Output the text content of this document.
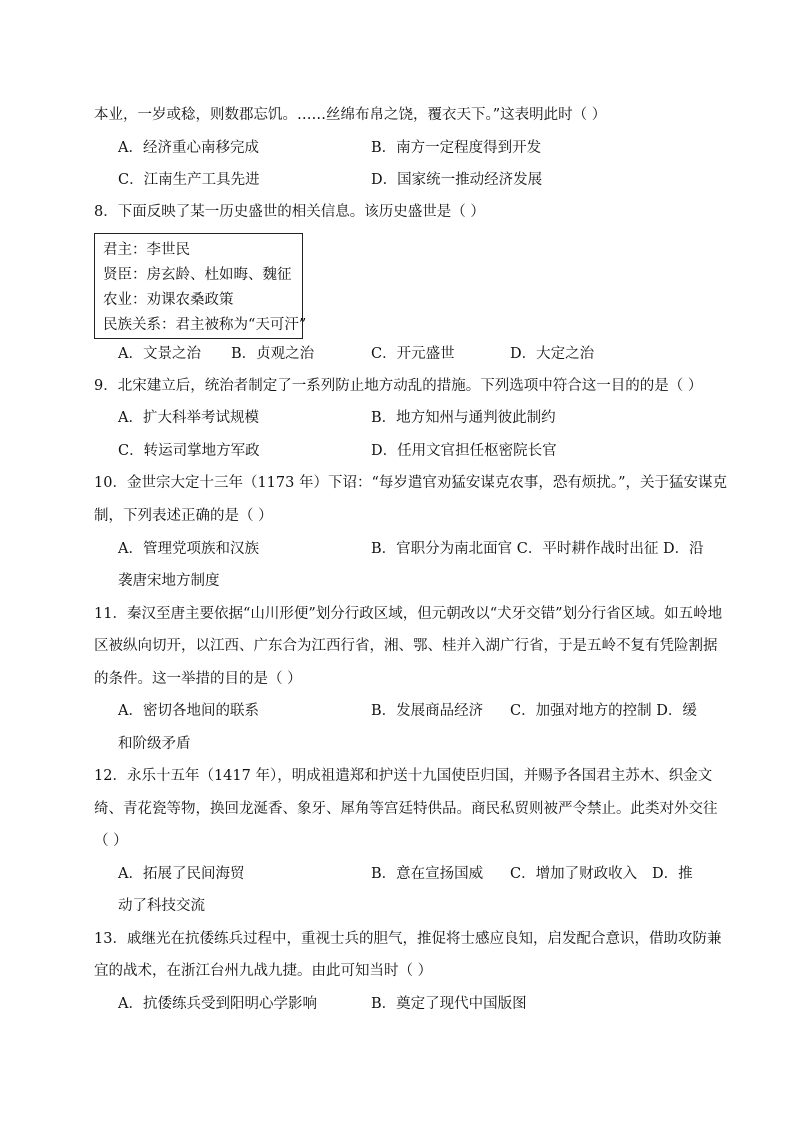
本业，一岁或稔，则数郡忘饥。……丝绵布帛之饶，覆衣天下。”这表明此时（ ）
A．经济重心南移完成	B．南方一定程度得到开发
C．江南生产工具先进	D．国家统一推动经济发展
8．下面反映了某一历史盛世的相关信息。该历史盛世是（ ）
君主：李世民
贤臣：房玄龄、杜如晦、魏征
农业：劝课农桑政策
民族关系：君主被称为“天可汗”
A．文景之治 B．贞观之治	C．开元盛世	D．大定之治
9．北宋建立后，统治者制定了一系列防止地方动乱的措施。下列选项中符合这一目的的是（ ）
A．扩大科举考试规模	B．地方知州与通判彼此制约
C．转运司掌地方军政	D．任用文官担任枢密院长官
10．金世宗大定十三年（1173 年）下诏：“每岁遣官劝猛安谋克农事，恐有烦扰。”，关于猛安谋克
制，下列表述正确的是（ ）
A．管理党项族和汉族	B．官职分为南北面官 C．平时耕作战时出征 D．沿
袭唐宋地方制度
11．秦汉至唐主要依据“山川形便”划分行政区域，但元朝改以“犬牙交错”划分行省区域。如五岭地
区被纵向切开，以江西、广东合为江西行省，湘、鄂、桂并入湖广行省，于是五岭不复有凭险割据
的条件。这一举措的目的是（ ）
A．密切各地间的联系	B．发展商品经济 C．加强对地方的控制 D．缓
和阶级矛盾
12．永乐十五年（1417 年），明成祖遣郑和护送十九国使臣归国，并赐予各国君主苏木、织金文
绮、青花瓷等物，换回龙涎香、象牙、犀角等宫廷特供品。商民私贸则被严令禁止。此类对外交往
（ ）
A．拓展了民间海贸	B．意在宣扬国威 C．增加了财政收入 D．推
动了科技交流
13．戚继光在抗倭练兵过程中，重视士兵的胆气，推促将士感应良知，启发配合意识，借助攻防兼
宜的战术，在浙江台州九战九捷。由此可知当时（ ）
A．抗倭练兵受到阳明心学影响	B．奠定了现代中国版图
